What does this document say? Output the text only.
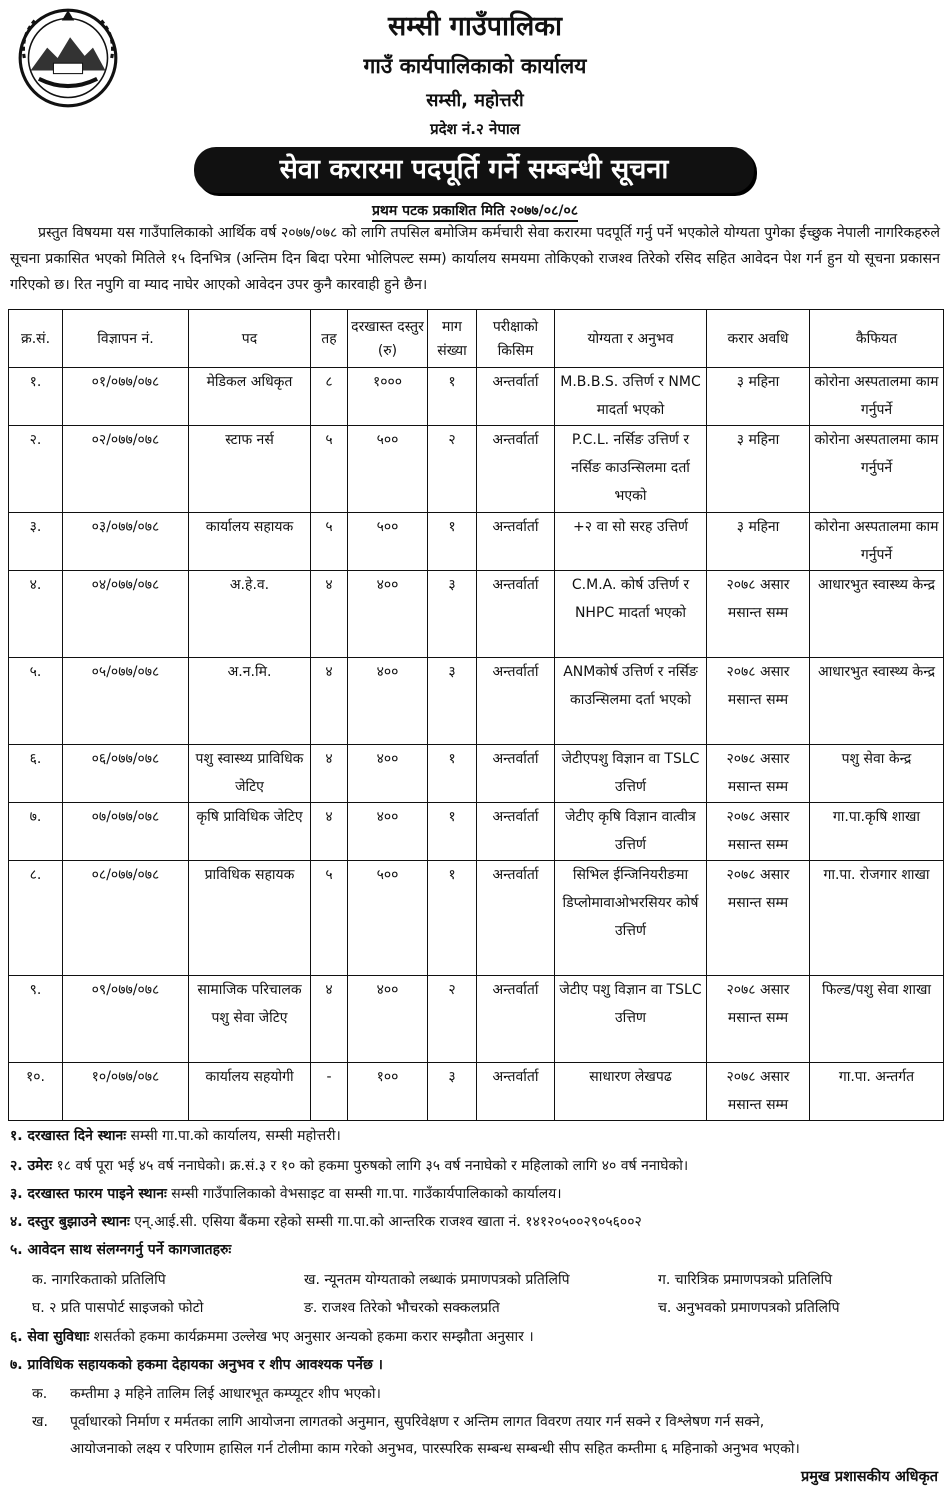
सम्सी गाउँपालिका
गाउँ कार्यपालिकाको कार्यालय
सम्सी, महोत्तरी
प्रदेश नं.२ नेपाल
सेवा करारमा पदपूर्ति गर्ने सम्बन्धी सूचना
प्रथम पटक प्रकाशित मिति २०७७/०८/०८
प्रस्तुत विषयमा यस गाउँपालिकाको आर्थिक वर्ष २०७७/०७८ को लागि तपसिल बमोजिम कर्मचारी सेवा करारमा पदपूर्ति गर्नु पर्ने भएकोले योग्यता पुगेका ईच्छुक नेपाली नागरिकहरुले सूचना प्रकासित भएको मितिले १५ दिनभित्र (अन्तिम दिन बिदा परेमा भोलिपल्ट सम्म) कार्यालय समयमा तोकिएको राजश्व तिरेको रसिद सहित आवेदन पेश गर्न हुन यो सूचना प्रकासन गरिएको छ। रित नपुगि वा म्याद नाघेर आएको आवेदन उपर कुनै कारवाही हुने छैन।
क्र.सं.	विज्ञापन नं.	पद	तह	दरखास्त दस्तुर (रु)	माग संख्या	परीक्षाको किसिम	योग्यता र अनुभव	करार अवधि	कैफियत
१.	०१/०७७/०७८	मेडिकल अधिकृत	८	१०००	१	अन्तर्वार्ता	M.B.B.S. उत्तिर्ण र NMC मादर्ता भएको	३ महिना	कोरोना अस्पतालमा काम गर्नुपर्ने
२.	०२/०७७/०७८	स्टाफ नर्स	५	५००	२	अन्तर्वार्ता	P.C.L. नर्सिङ उत्तिर्ण र नर्सिङ काउन्सिलमा दर्ता भएको	३ महिना	कोरोना अस्पतालमा काम गर्नुपर्ने
३.	०३/०७७/०७८	कार्यालय सहायक	५	५००	१	अन्तर्वार्ता	+२ वा सो सरह उत्तिर्ण	३ महिना	कोरोना अस्पतालमा काम गर्नुपर्ने
४.	०४/०७७/०७८	अ.हे.व.	४	४००	३	अन्तर्वार्ता	C.M.A. कोर्ष उत्तिर्ण र NHPC मादर्ता भएको	२०७८ असार मसान्त सम्म	आधारभुत स्वास्थ्य केन्द्र
५.	०५/०७७/०७८	अ.न.मि.	४	४००	३	अन्तर्वार्ता	ANMकोर्ष उत्तिर्ण र नर्सिङ काउन्सिलमा दर्ता भएको	२०७८ असार मसान्त सम्म	आधारभुत स्वास्थ्य केन्द्र
६.	०६/०७७/०७८	पशु स्वास्थ्य प्राविधिक जेटिए	४	४००	१	अन्तर्वार्ता	जेटीएपशु विज्ञान वा TSLC उत्तिर्ण	२०७८ असार मसान्त सम्म	पशु सेवा केन्द्र
७.	०७/०७७/०७८	कृषि प्राविधिक जेटिए	४	४००	१	अन्तर्वार्ता	जेटीए कृषि विज्ञान वात्वीत्र उत्तिर्ण	२०७८ असार मसान्त सम्म	गा.पा.कृषि शाखा
८.	०८/०७७/०७८	प्राविधिक सहायक	५	५००	१	अन्तर्वार्ता	सिभिल ईन्जिनियरीङमा डिप्लोमावाओभरसियर कोर्ष उत्तिर्ण	२०७८ असार मसान्त सम्म	गा.पा. रोजगार शाखा
९.	०९/०७७/०७८	सामाजिक परिचालक पशु सेवा जेटिए	४	४००	२	अन्तर्वार्ता	जेटीए पशु विज्ञान वा TSLC उत्तिण	२०७८ असार मसान्त सम्म	फिल्ड/पशु सेवा शाखा
१०.	१०/०७७/०७८	कार्यालय सहयोगी	-	१००	३	अन्तर्वार्ता	साधारण लेखपढ	२०७८ असार मसान्त सम्म	गा.पा. अन्तर्गत
१. दरखास्त दिने स्थानः सम्सी गा.पा.को कार्यालय, सम्सी महोत्तरी।
२. उमेरः १८ वर्ष पूरा भई ४५ वर्ष ननाघेको। क्र.सं.३ र १० को हकमा पुरुषको लागि ३५ वर्ष ननाघेको र महिलाको लागि ४० वर्ष ननाघेको।
३. दरखास्त फारम पाइने स्थानः सम्सी गाउँपालिकाको वेभसाइट वा सम्सी गा.पा. गाउँकार्यपालिकाको कार्यालय।
४. दस्तुर बुझाउने स्थानः एन्.आई.सी. एसिया बैंकमा रहेको सम्सी गा.पा.को आन्तरिक राजश्व खाता नं. १४१२०५००२९०५६००२
५. आवेदन साथ संलग्नगर्नु पर्ने कागजातहरुः
क. नागरिकताको प्रतिलिपि	ख. न्यूनतम योग्यताको लब्धाकं प्रमाणपत्रको प्रतिलिपि	ग. चारित्रिक प्रमाणपत्रको प्रतिलिपि
घ. २ प्रति पासपोर्ट साइजको फोटो	ङ. राजश्व तिरेको भौचरको सक्कलप्रति	च. अनुभवको प्रमाणपत्रको प्रतिलिपि
६. सेवा सुविधाः शसर्तको हकमा कार्यक्रममा उल्लेख भए अनुसार अन्यको हकमा करार सम्झौता अनुसार ।
७. प्राविधिक सहायकको हकमा देहायका अनुभव र शीप आवश्यक पर्नेछ ।
क. कम्तीमा ३ महिने तालिम लिई आधारभूत कम्प्यूटर शीप भएको।
ख. पूर्वाधारको निर्माण र मर्मतका लागि आयोजना लागतको अनुमान, सुपरिवेक्षण र अन्तिम लागत विवरण तयार गर्न सक्ने र विश्लेषण गर्न सक्ने,
आयोजनाको लक्ष्य र परिणाम हासिल गर्न टोलीमा काम गरेको अनुभव, पारस्परिक सम्बन्ध सम्बन्धी सीप सहित कम्तीमा ६ महिनाको अनुभव भएको।
प्रमुख प्रशासकीय अधिकृत
